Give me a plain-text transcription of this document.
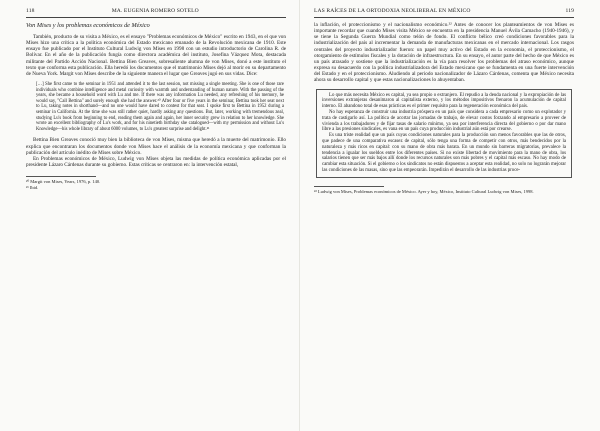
118	MA. EUGENIA ROMERO SOTELO
Von Mises y los problemas económicos de México

También, producto de su visita a México, es el ensayo "Problemas económicos de México" escrito en 1943, en el que von Mises hizo una crítica a la política económica del Estado mexicano emanado de la Revolución mexicana de 1910. Este ensayo fue publicado por el Instituto Cultural Ludwig von Mises en 1998 con un estudio introductorio de Carolina R. de Bolívar. En el año de la publicación fungía como directora académica del instituto, Josefina Vázquez Mota, destacada militante del Partido Acción Nacional. Bettina Bien Greaves, sobresaliente alumna de von Mises, donó a este instituto el texto que conforma esta publicación. Ella heredó los documentos que el matrimonio Mises dejó al morir en su departamento de Nueva York. Margit von Mises describe de la siguiente manera el lugar que Greaves jugó en sus vidas. Dice:

[…] She first came to the seminar in 1951 and attended it to the last session, not missing a single meeting. She is one of those rare individuals who combine intelligence and metal curiosity with warmth and understanding of human nature. With the passing of the years, she became a household word with Lu and me. If there was any information Lu needed, any refreshing of his memory, he would say, "Call Bettina" and surely enough she had the answer.²⁰ After four or five years in the seminar, Bettina took her seat next to Lu, taking notes in shorthand—and no one would have dared to contest for that seat. I spoke first to Bettina in 1952 during a seminar in California. At the time she was still rather quiet, hardly asking any questions. But, later, working with tremendous zeal, studying Lu's book from beginning to end, reading them again and again, her inner security grew in relation to her knowledge. She wrote an excellent bibliography of Lu's work, and for his ninetieth birthday she catalogued—with my permission and without Lu's Knowledge—his whole library of about 6000 volumes, to Lu's greatest surprise and delight.²¹

Bettina Bien Greaves conoció muy bien la biblioteca de von Mises, misma que heredó a la muerte del matrimonio. Ello explica que encontraran los documentos donde von Mises hace el análisis de la economía mexicana y que conforman la publicación del artículo inédito de Mises sobre México.

En Problemas económicos de México, Ludwig von Mises objeta las medidas de política económica aplicadas por el presidente Lázaro Cárdenas durante su gobierno. Estas críticas se centraron en: la intervención estatal,

²⁰ Margit von Mises, Years, 1976, p. 140.

²¹ Ibid.

LAS RAÍCES DE LA ORTODOXIA NEOLIBERAL EN MÉXICO	119

la inflación, el proteccionismo y el nacionalismo económico.²² Antes de conocer los planteamientos de von Mises es importante recordar que cuando Mises visita México se encuentra en la presidencia Manuel Ávila Camacho (1940-1946), y se tiene la Segunda Guerra Mundial como telón de fondo. El conflicto bélico creó condiciones favorables para la industrialización del país al incrementar la demanda de manufacturas mexicanas en el mercado internacional. Los rasgos centrales del proyecto industrializador fueron: un papel muy activo del Estado en la economía, el proteccionismo, el otorgamiento de estímulos fiscales y la dotación de infraestructura. En su ensayo, el autor parte del hecho de que México es un país atrasado y sostiene que la industrialización es la vía para resolver los problemas del atraso económico, aunque expresa su desacuerdo con la política industrializadora del Estado mexicano que se fundamenta en una fuerte intervención del Estado y en el proteccionismo. Aludiendo al periodo nacionalizador de Lázaro Cárdenas, comenta que México necesita ahora su desarrollo capital y que estas nacionalizaciones lo ahuyentaban.

Lo que más necesita México es capital, ya sea propio o extranjero. El repudio a la deuda nacional y la expropiación de las inversiones extranjeras desanimaron al capitalista externo, y los métodos impositivos frenaron la acumulación de capital interno. El abandono total de esas prácticas es el primer requisito para la regeneración económica del país.

No hay esperanza de construir una industria próspera en un país que considera a cada empresario como un explotador y trata de castigarlo así. La política de acortar las jornadas de trabajo, de elevar costos forzando al empresario a proveer de vivienda a los trabajadores y de fijar tasas de salario mínimo, ya sea por interferencia directa del gobierno o por dar mano libre a las presiones sindicales, es vana en un país cuya producción industrial aún está por crearse.

Es una triste realidad que un país cuyas condiciones naturales para la producción son menos favorables que las de otros, que padece de una comparativa escasez de capital, sólo tenga una forma de competir con otros, más bendecidos por la naturaleza y más ricos en capital: con su mano de obra más barata. En un mundo sin barreras migratorias, prevalece la tendencia a igualar los sueldos entre los diferentes países. Si no existe libertad de movimiento para la mano de obra, los salarios tienen que ser más bajos allí donde los recursos naturales son más pobres y el capital más escaso. No hay modo de cambiar esta situación. Si el gobierno o los sindicatos no están dispuestos a aceptar esta realidad, no solo no lograrán mejorar las condiciones de las masas, sino que las empeorarán. Impedirán el desarrollo de las industrias proce-

²² Ludwig von Mises, Problemas económicos de México. Ayer y hoy, México, Instituto Cultural Ludwig von Mises, 1998.
